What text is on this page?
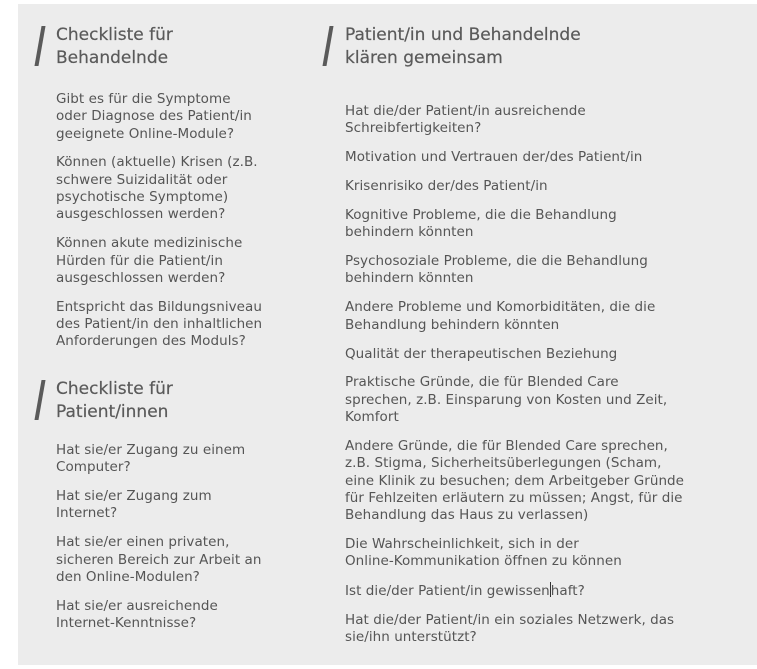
Checkliste für
Behandelnde
Gibt es für die Symptome
oder Diagnose des Patient/in
geeignete Online-Module?
Können (aktuelle) Krisen (z.B.
schwere Suizidalität oder
psychotische Symptome)
ausgeschlossen werden?
Können akute medizinische
Hürden für die Patient/in
ausgeschlossen werden?
Entspricht das Bildungsniveau
des Patient/in den inhaltlichen
Anforderungen des Moduls?
Checkliste für
Patient/innen
Hat sie/er Zugang zu einem
Computer?
Hat sie/er Zugang zum
Internet?
Hat sie/er einen privaten,
sicheren Bereich zur Arbeit an
den Online-Modulen?
Hat sie/er ausreichende
Internet-Kenntnisse?
Patient/in und Behandelnde
klären gemeinsam
Hat die/der Patient/in ausreichende
Schreibfertigkeiten?
Motivation und Vertrauen der/des Patient/in
Krisenrisiko der/des Patient/in
Kognitive Probleme, die die Behandlung
behindern könnten
Psychosoziale Probleme, die die Behandlung
behindern könnten
Andere Probleme und Komorbiditäten, die die
Behandlung behindern könnten
Qualität der therapeutischen Beziehung
Praktische Gründe, die für Blended Care
sprechen, z.B. Einsparung von Kosten und Zeit,
Komfort
Andere Gründe, die für Blended Care sprechen,
z.B. Stigma, Sicherheitsüberlegungen (Scham,
eine Klinik zu besuchen; dem Arbeitgeber Gründe
für Fehlzeiten erläutern zu müssen; Angst, für die
Behandlung das Haus zu verlassen)
Die Wahrscheinlichkeit, sich in der
Online-Kommunikation öffnen zu können
Ist die/der Patient/in gewissenhaft?
Hat die/der Patient/in ein soziales Netzwerk, das
sie/ihn unterstützt?
